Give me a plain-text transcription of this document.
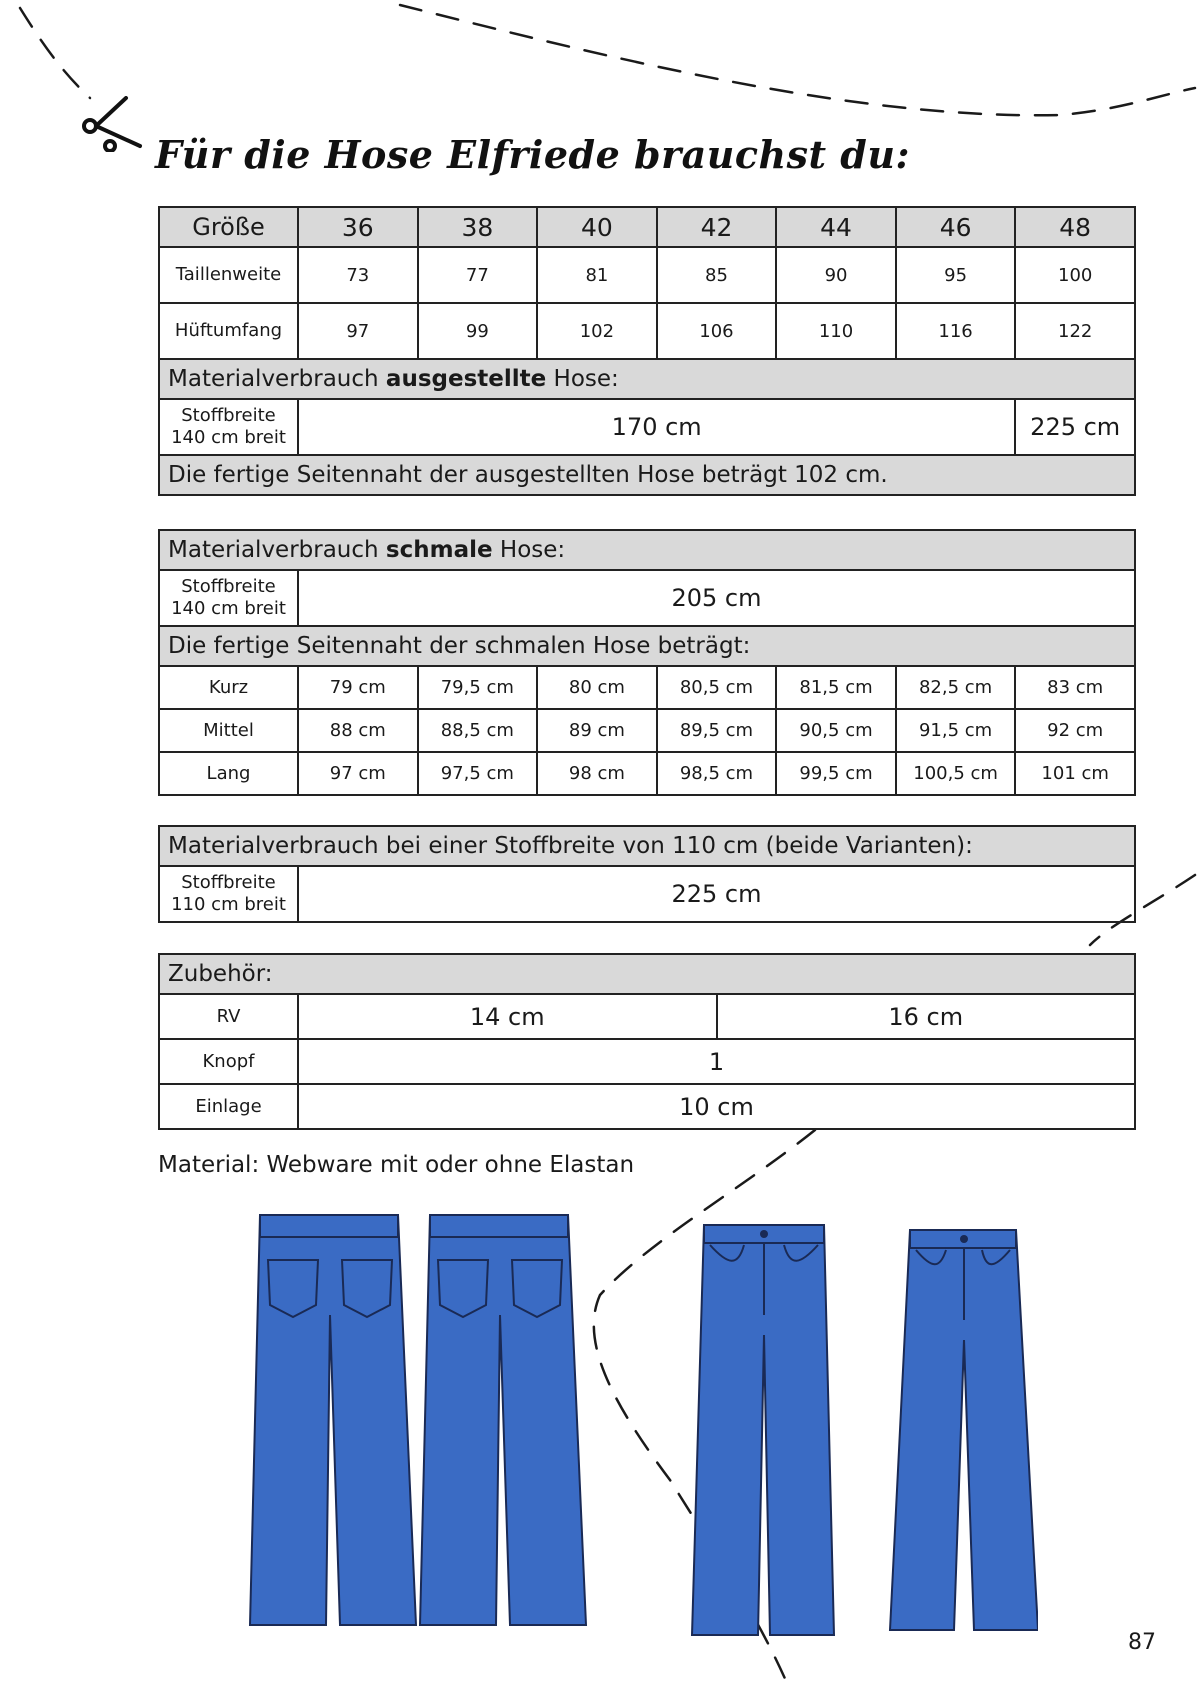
Für die Hose Elfriede brauchst du:
Größe	36	38	40	42	44	46	48
Taillenweite	73	77	81	85	90	95	100
Hüftumfang	97	99	102	106	110	116	122
Materialverbrauch ausgestellte Hose:							
Stoffbreite
140 cm breit	170 cm						225 cm
Die fertige Seitennaht der ausgestellten Hose beträgt 102 cm.							
Materialverbrauch schmale Hose:							
Stoffbreite
140 cm breit	205 cm						
Die fertige Seitennaht der schmalen Hose beträgt:							
Kurz	79 cm	79,5 cm	80 cm	80,5 cm	81,5 cm	82,5 cm	83 cm
Mittel	88 cm	88,5 cm	89 cm	89,5 cm	90,5 cm	91,5 cm	92 cm
Lang	97 cm	97,5 cm	98 cm	98,5 cm	99,5 cm	100,5 cm	101 cm
Materialverbrauch bei einer Stoffbreite von 110 cm (beide Varianten):
Stoffbreite
110 cm breit	225 cm
Zubehör:		
RV	14 cm	16 cm
Knopf	1	
Einlage	10 cm	

Material: Webware mit oder ohne Elastan

87
